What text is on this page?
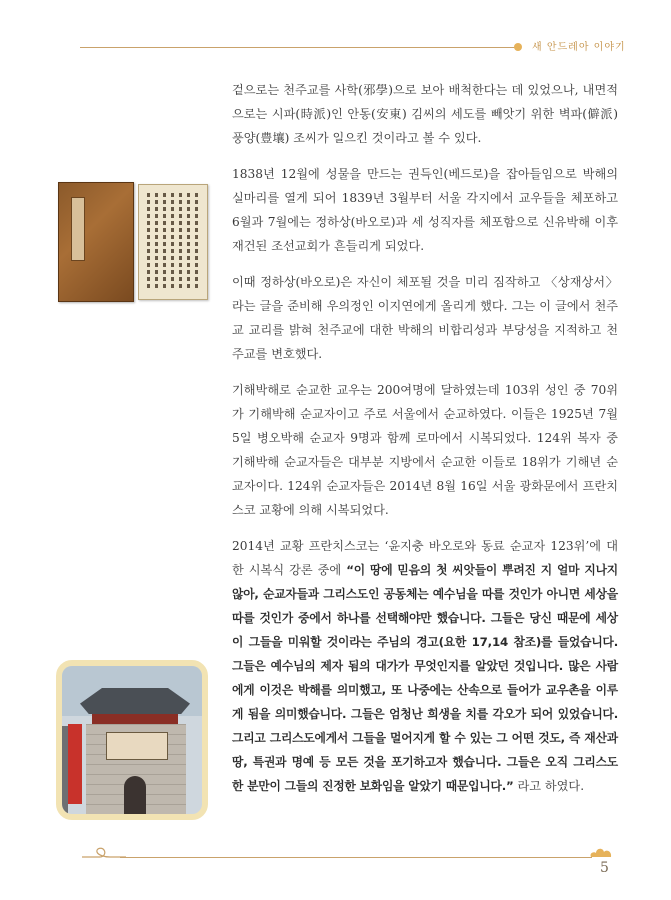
새 안드레아 이야기

겉으로는 천주교를 사학(邪學)으로 보아 배척한다는 데 있었으나, 내면적으로는 시파(時派)인 안동(安東) 김씨의 세도를 빼앗기 위한 벽파(僻派) 풍양(豊壤) 조씨가 일으킨 것이라고 볼 수 있다.

1838년 12월에 성물을 만드는 권득인(베드로)을 잡아들임으로 박해의 실마리를 열게 되어 1839년 3월부터 서울 각지에서 교우들을 체포하고 6월과 7월에는 정하상(바오로)과 세 성직자를 체포함으로 신유박해 이후 재건된 조선교회가 흔들리게 되었다.

이때 정하상(바오로)은 자신이 체포될 것을 미리 짐작하고 〈상재상서〉라는 글을 준비해 우의정인 이지연에게 올리게 했다. 그는 이 글에서 천주교 교리를 밝혀 천주교에 대한 박해의 비합리성과 부당성을 지적하고 천주교를 변호했다.

기해박해로 순교한 교우는 200여명에 달하였는데 103위 성인 중 70위가 기해박해 순교자이고 주로 서울에서 순교하였다. 이들은 1925년 7월 5일 병오박해 순교자 9명과 함께 로마에서 시복되었다. 124위 복자 중 기해박해 순교자들은 대부분 지방에서 순교한 이들로 18위가 기해년 순교자이다. 124위 순교자들은 2014년 8월 16일 서울 광화문에서 프란치스코 교황에 의해 시복되었다.

2014년 교황 프란치스코는 ‘윤지충 바오로와 동료 순교자 123위’에 대한 시복식 강론 중에 “이 땅에 믿음의 첫 씨앗들이 뿌려진 지 얼마 지나지 않아, 순교자들과 그리스도인 공동체는 예수님을 따를 것인가 아니면 세상을 따를 것인가 중에서 하나를 선택해야만 했습니다. 그들은 당신 때문에 세상이 그들을 미워할 것이라는 주님의 경고(요한 17,14 참조)를 들었습니다. 그들은 예수님의 제자 됨의 대가가 무엇인지를 알았던 것입니다. 많은 사람에게 이것은 박해를 의미했고, 또 나중에는 산속으로 들어가 교우촌을 이루게 됨을 의미했습니다. 그들은 엄청난 희생을 치를 각오가 되어 있었습니다. 그리고 그리스도에게서 그들을 멀어지게 할 수 있는 그 어떤 것도, 즉 재산과 땅, 특권과 명예 등 모든 것을 포기하고자 했습니다. 그들은 오직 그리스도 한 분만이 그들의 진정한 보화임을 알았기 때문입니다.” 라고 하였다.

5
